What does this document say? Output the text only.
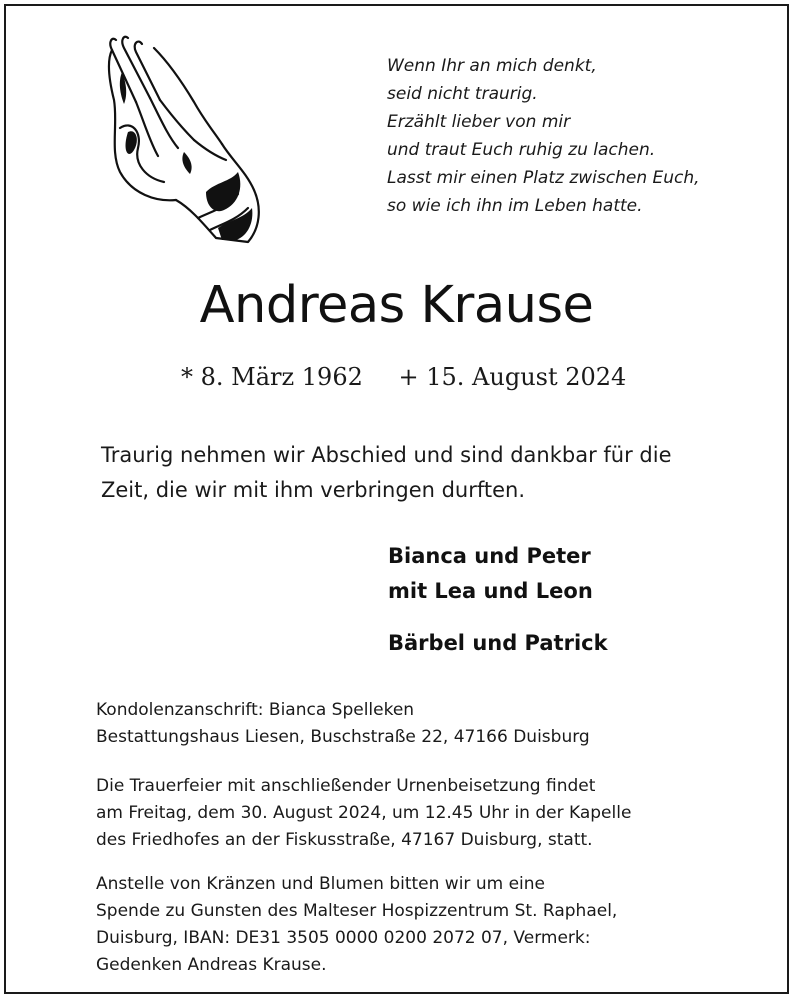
Wenn Ihr an mich denkt,
seid nicht traurig.
Erzählt lieber von mir
und traut Euch ruhig zu lachen.
Lasst mir einen Platz zwischen Euch,
so wie ich ihn im Leben hatte.
Andreas Krause
* 8. März 1962 + 15. August 2024
Traurig nehmen wir Abschied und sind dankbar für die
Zeit, die wir mit ihm verbringen durften.
Bianca und Peter
mit Lea und Leon
Bärbel und Patrick
Kondolenzanschrift: Bianca Spelleken
Bestattungshaus Liesen, Buschstraße 22, 47166 Duisburg
Die Trauerfeier mit anschließender Urnenbeisetzung findet
am Freitag, dem 30. August 2024, um 12.45 Uhr in der Kapelle
des Friedhofes an der Fiskusstraße, 47167 Duisburg, statt.
Anstelle von Kränzen und Blumen bitten wir um eine
Spende zu Gunsten des Malteser Hospizzentrum St. Raphael,
Duisburg, IBAN: DE31 3505 0000 0200 2072 07, Vermerk:
Gedenken Andreas Krause.
